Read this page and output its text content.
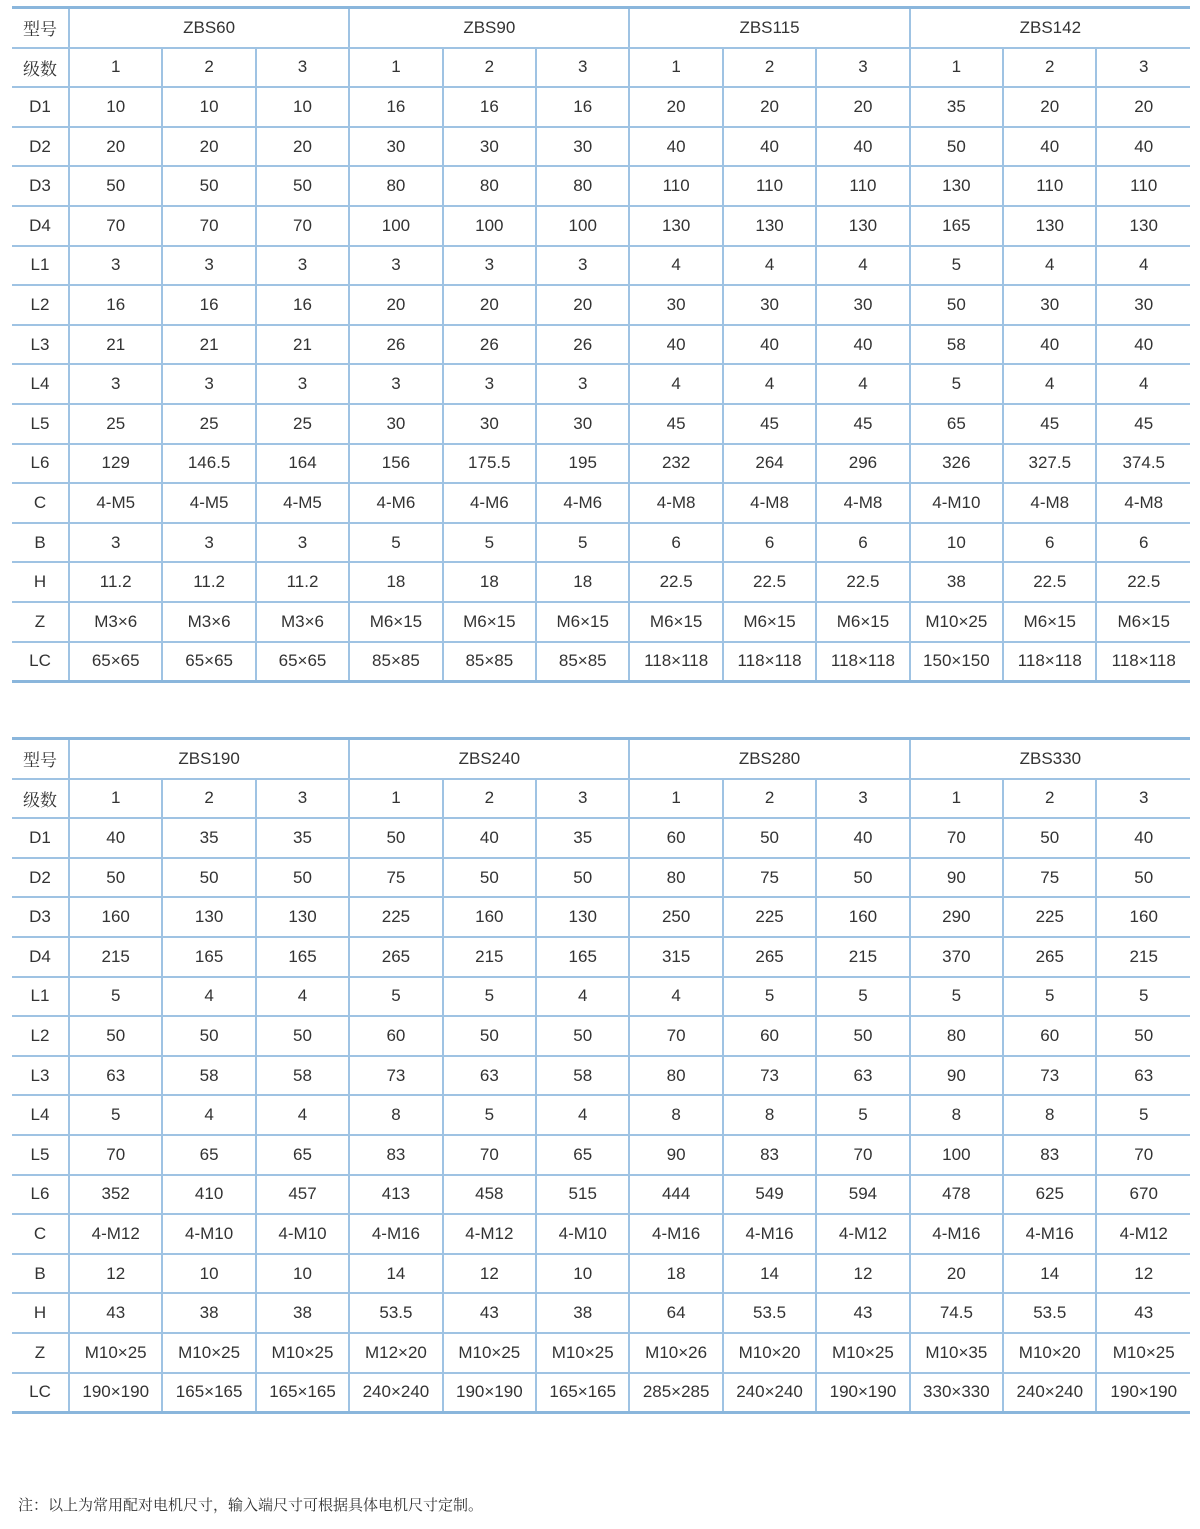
型号	ZBS60			ZBS90			ZBS115			ZBS142		
级数	1	2	3	1	2	3	1	2	3	1	2	3
D1	10	10	10	16	16	16	20	20	20	35	20	20
D2	20	20	20	30	30	30	40	40	40	50	40	40
D3	50	50	50	80	80	80	110	110	110	130	110	110
D4	70	70	70	100	100	100	130	130	130	165	130	130
L1	3	3	3	3	3	3	4	4	4	5	4	4
L2	16	16	16	20	20	20	30	30	30	50	30	30
L3	21	21	21	26	26	26	40	40	40	58	40	40
L4	3	3	3	3	3	3	4	4	4	5	4	4
L5	25	25	25	30	30	30	45	45	45	65	45	45
L6	129	146.5	164	156	175.5	195	232	264	296	326	327.5	374.5
C	4-M5	4-M5	4-M5	4-M6	4-M6	4-M6	4-M8	4-M8	4-M8	4-M10	4-M8	4-M8
B	3	3	3	5	5	5	6	6	6	10	6	6
H	11.2	11.2	11.2	18	18	18	22.5	22.5	22.5	38	22.5	22.5
Z	M3×6	M3×6	M3×6	M6×15	M6×15	M6×15	M6×15	M6×15	M6×15	M10×25	M6×15	M6×15
LC	65×65	65×65	65×65	85×85	85×85	85×85	118×118	118×118	118×118	150×150	118×118	118×118
型号	ZBS190			ZBS240			ZBS280			ZBS330		
级数	1	2	3	1	2	3	1	2	3	1	2	3
D1	40	35	35	50	40	35	60	50	40	70	50	40
D2	50	50	50	75	50	50	80	75	50	90	75	50
D3	160	130	130	225	160	130	250	225	160	290	225	160
D4	215	165	165	265	215	165	315	265	215	370	265	215
L1	5	4	4	5	5	4	4	5	5	5	5	5
L2	50	50	50	60	50	50	70	60	50	80	60	50
L3	63	58	58	73	63	58	80	73	63	90	73	63
L4	5	4	4	8	5	4	8	8	5	8	8	5
L5	70	65	65	83	70	65	90	83	70	100	83	70
L6	352	410	457	413	458	515	444	549	594	478	625	670
C	4-M12	4-M10	4-M10	4-M16	4-M12	4-M10	4-M16	4-M16	4-M12	4-M16	4-M16	4-M12
B	12	10	10	14	12	10	18	14	12	20	14	12
H	43	38	38	53.5	43	38	64	53.5	43	74.5	53.5	43
Z	M10×25	M10×25	M10×25	M12×20	M10×25	M10×25	M10×26	M10×20	M10×25	M10×35	M10×20	M10×25
LC	190×190	165×165	165×165	240×240	190×190	165×165	285×285	240×240	190×190	330×330	240×240	190×190
注：以上为常用配对电机尺寸，输入端尺寸可根据具体电机尺寸定制。
